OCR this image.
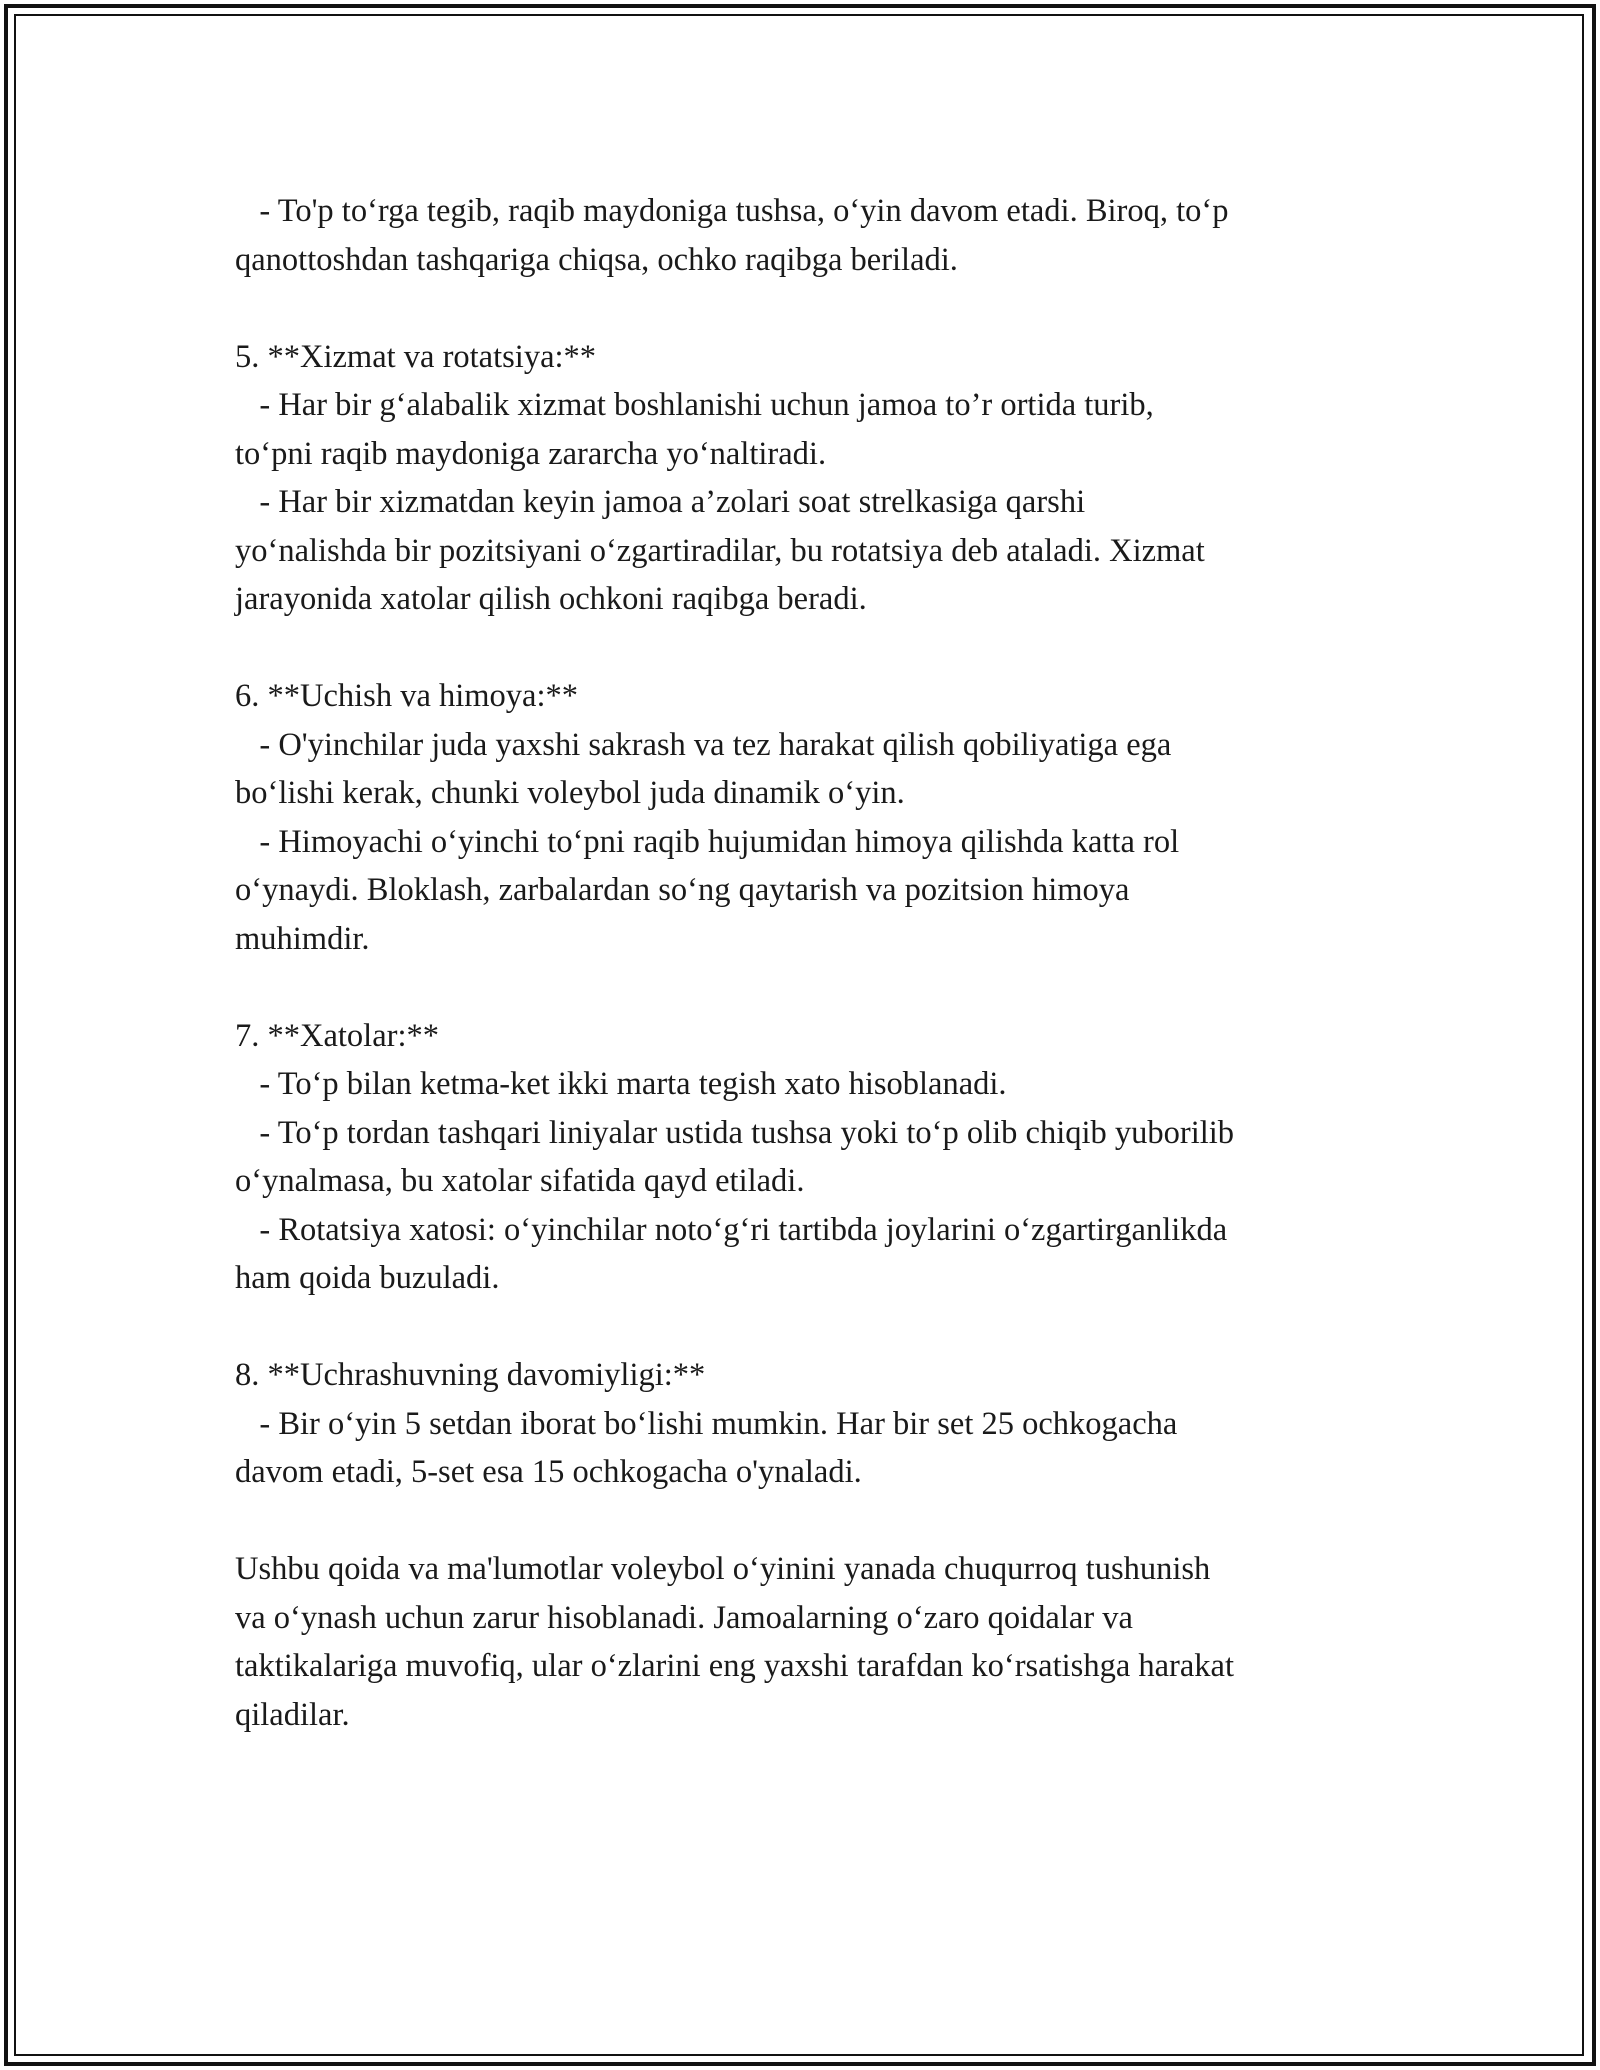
- To'p to‘rga tegib, raqib maydoniga tushsa, o‘yin davom etadi. Biroq, to‘p
qanottoshdan tashqariga chiqsa, ochko raqibga beriladi.
5. **Xizmat va rotatsiya:**
- Har bir g‘alabalik xizmat boshlanishi uchun jamoa to’r ortida turib,
to‘pni raqib maydoniga zararcha yo‘naltiradi.
- Har bir xizmatdan keyin jamoa a’zolari soat strelkasiga qarshi
yo‘nalishda bir pozitsiyani o‘zgartiradilar, bu rotatsiya deb ataladi. Xizmat
jarayonida xatolar qilish ochkoni raqibga beradi.
6. **Uchish va himoya:**
- O'yinchilar juda yaxshi sakrash va tez harakat qilish qobiliyatiga ega
bo‘lishi kerak, chunki voleybol juda dinamik o‘yin.
- Himoyachi o‘yinchi to‘pni raqib hujumidan himoya qilishda katta rol
o‘ynaydi. Bloklash, zarbalardan so‘ng qaytarish va pozitsion himoya
muhimdir.
7. **Xatolar:**
- To‘p bilan ketma-ket ikki marta tegish xato hisoblanadi.
- To‘p tordan tashqari liniyalar ustida tushsa yoki to‘p olib chiqib yuborilib
o‘ynalmasa, bu xatolar sifatida qayd etiladi.
- Rotatsiya xatosi: o‘yinchilar noto‘g‘ri tartibda joylarini o‘zgartirganlikda
ham qoida buzuladi.
8. **Uchrashuvning davomiyligi:**
- Bir o‘yin 5 setdan iborat bo‘lishi mumkin. Har bir set 25 ochkogacha
davom etadi, 5-set esa 15 ochkogacha o'ynaladi.
Ushbu qoida va ma'lumotlar voleybol o‘yinini yanada chuqurroq tushunish
va o‘ynash uchun zarur hisoblanadi. Jamoalarning o‘zaro qoidalar va
taktikalariga muvofiq, ular o‘zlarini eng yaxshi tarafdan ko‘rsatishga harakat
qiladilar.
